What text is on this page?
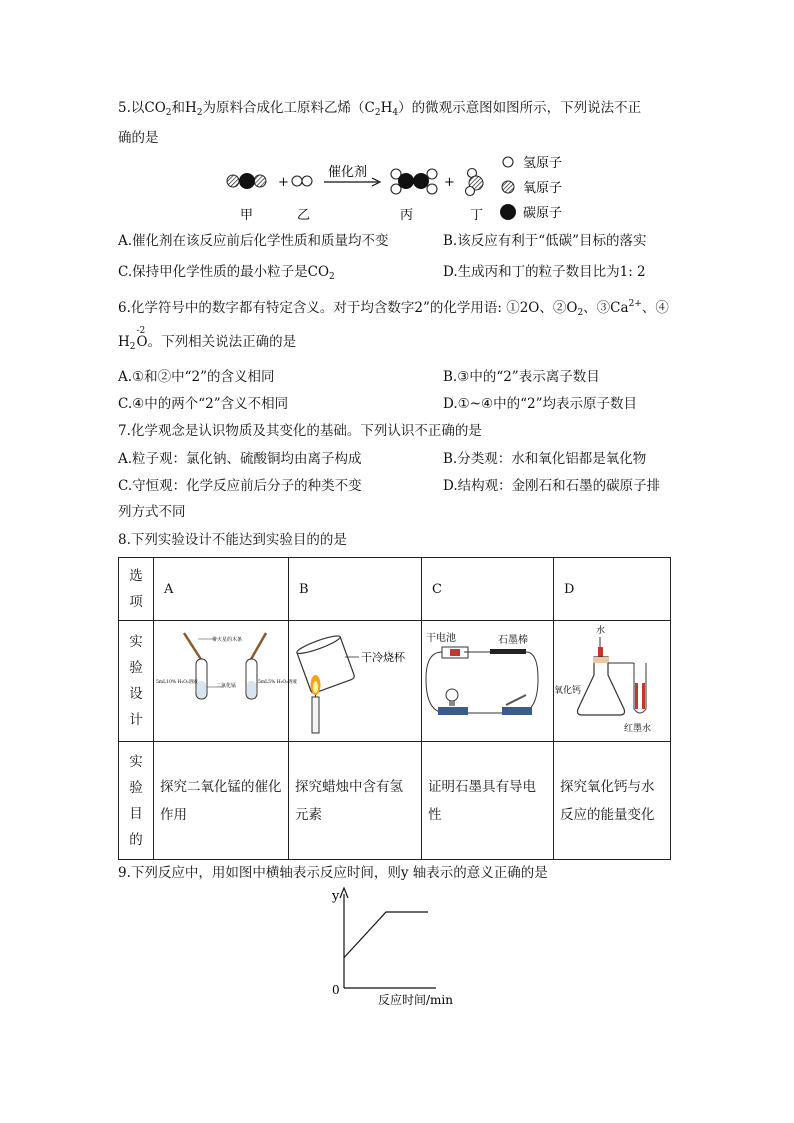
5.以$CO_2$和$H_2$为原料合成化工原料乙烯$(C_2H_4)$的微观示意图如图所示，下列说法不正
确的是
+
催化剂
+
甲	乙	丙	丁
氢原子
氧原子
碳原子
A.催化剂在该反应前后化学性质和质量均不变	B.该反应有利于“低碳”目标的落实
C.保持甲化学性质的最小粒子是$CO_2$	D.生成丙和丁的粒子数目比为1: 2
6.化学符号中的数字都有特定含义。对于均含数字2”的化学用语: ①2O、$②O_2$、$③Ca^{2+}$、④
$H_2$
-2
O。下列相关说法正确的是
A.①和②中“2”的含义相同	B.③中的“2”表示离子数目
C.④中的两个“2”含义不相同	D.①~④中的“2”均表示原子数目
7.化学观念是认识物质及其变化的基础。下列认识不正确的是
A.粒子观：氯化钠、硫酸铜均由离子构成	B.分类观：水和氧化铝都是氧化物
C.守恒观：化学反应前后分子的种类不变	D.结构观：金刚石和石墨的碳原子排
列方式不同
8.下列实验设计不能达到实验目的的是
选项	A	B	C	D

实验设计	带火星的木条
二氧化锰
5mL10% H₂O₂溶液 5mL5% H₂O₂溶液	干冷烧杯	干电池 石墨棒	水
氧化钙
红墨水

实验目的	探究二氧化锰的催化作用	探究蜡烛中含有氢元素	证明石墨具有导电性	探究氧化钙与水反应的能量变化
9.下列反应中，用如图中横轴表示反应时间，则y 轴表示的意义正确的是
y
0
反应时间/min
